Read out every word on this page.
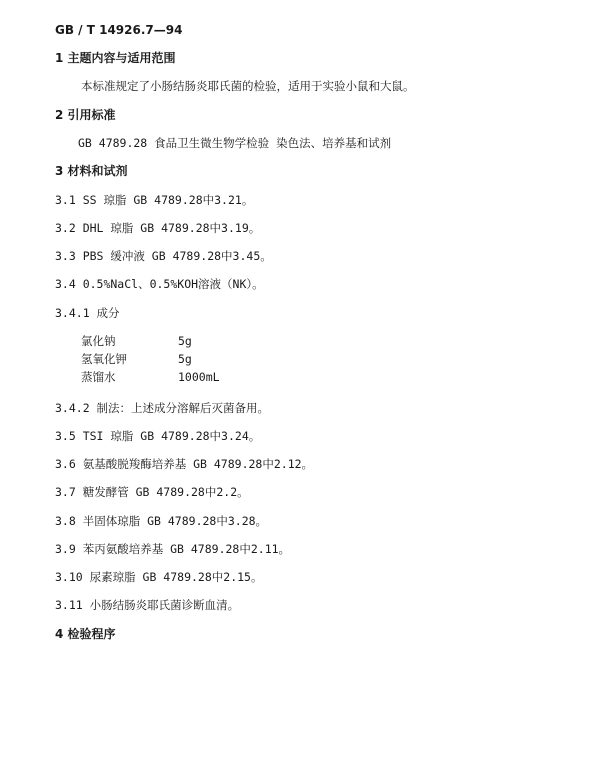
GB / T 14926.7—94
1 主题内容与适用范围
本标准规定了小肠结肠炎耶氏菌的检验，适用于实验小鼠和大鼠。
2 引用标准
GB 4789.28 食品卫生微生物学检验 染色法、培养基和试剂
3 材料和试剂
3.1 SS 琼脂 GB 4789.28中3.21。
3.2 DHL 琼脂 GB 4789.28中3.19。
3.3 PBS 缓冲液 GB 4789.28中3.45。
3.4 0.5%NaCl、0.5%KOH溶液（NK）。
3.4.1 成分
氯化钠	5g
氢氧化钾	5g
蒸馏水	1000mL
3.4.2 制法：上述成分溶解后灭菌备用。
3.5 TSI 琼脂 GB 4789.28中3.24。
3.6 氨基酸脱羧酶培养基 GB 4789.28中2.12。
3.7 糖发酵管 GB 4789.28中2.2。
3.8 半固体琼脂 GB 4789.28中3.28。
3.9 苯丙氨酸培养基 GB 4789.28中2.11。
3.10 尿素琼脂 GB 4789.28中2.15。
3.11 小肠结肠炎耶氏菌诊断血清。
4 检验程序
